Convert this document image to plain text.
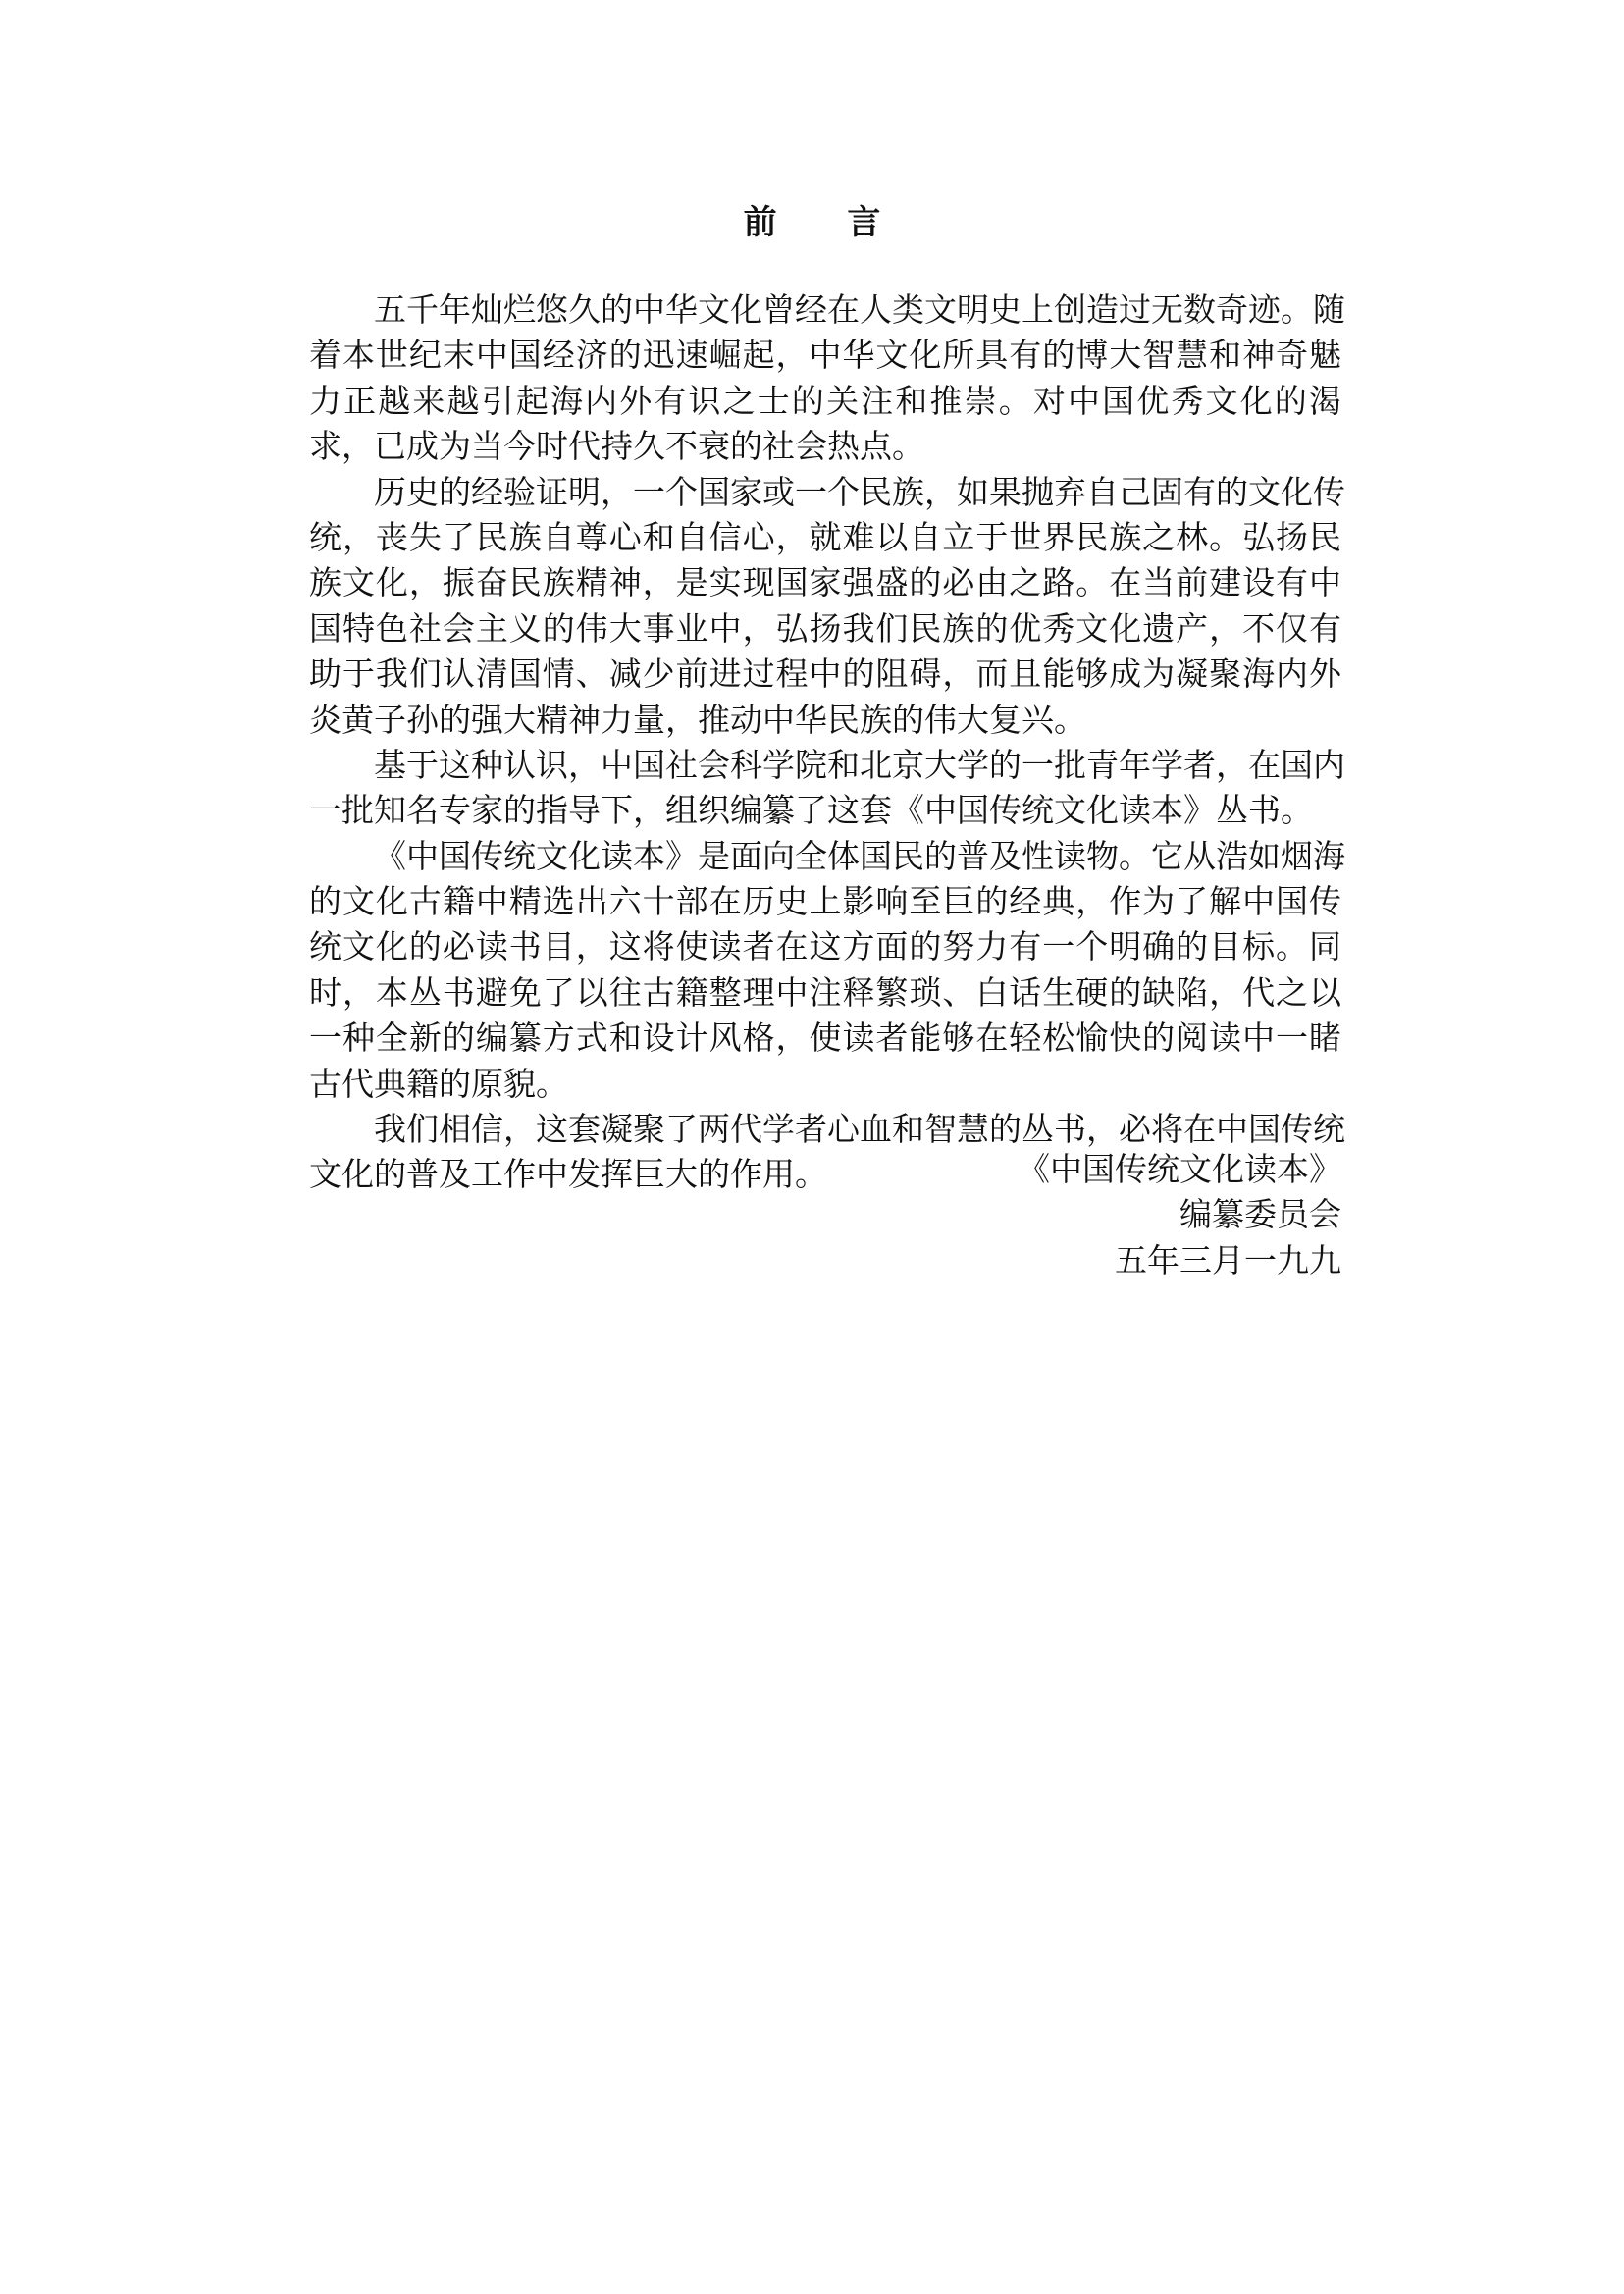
前 言
五千年灿烂悠久的中华文化曾经在人类文明史上创造过无数奇迹。随
着本世纪末中国经济的迅速崛起，中华文化所具有的博大智慧和神奇魅
力正越来越引起海内外有识之士的关注和推崇。对中国优秀文化的渴
求，已成为当今时代持久不衰的社会热点。
历史的经验证明，一个国家或一个民族，如果抛弃自己固有的文化传
统，丧失了民族自尊心和自信心，就难以自立于世界民族之林。弘扬民
族文化，振奋民族精神，是实现国家强盛的必由之路。在当前建设有中
国特色社会主义的伟大事业中，弘扬我们民族的优秀文化遗产，不仅有
助于我们认清国情、减少前进过程中的阻碍，而且能够成为凝聚海内外
炎黄子孙的强大精神力量，推动中华民族的伟大复兴。
基于这种认识，中国社会科学院和北京大学的一批青年学者，在国内
一批知名专家的指导下，组织编纂了这套《中国传统文化读本》丛书。
《中国传统文化读本》是面向全体国民的普及性读物。它从浩如烟海
的文化古籍中精选出六十部在历史上影响至巨的经典，作为了解中国传
统文化的必读书目，这将使读者在这方面的努力有一个明确的目标。同
时，本丛书避免了以往古籍整理中注释繁琐、白话生硬的缺陷，代之以
一种全新的编纂方式和设计风格，使读者能够在轻松愉快的阅读中一睹
古代典籍的原貌。
我们相信，这套凝聚了两代学者心血和智慧的丛书，必将在中国传统
文化的普及工作中发挥巨大的作用。	《中国传统文化读本》
编纂委员会
五年三月一九九
